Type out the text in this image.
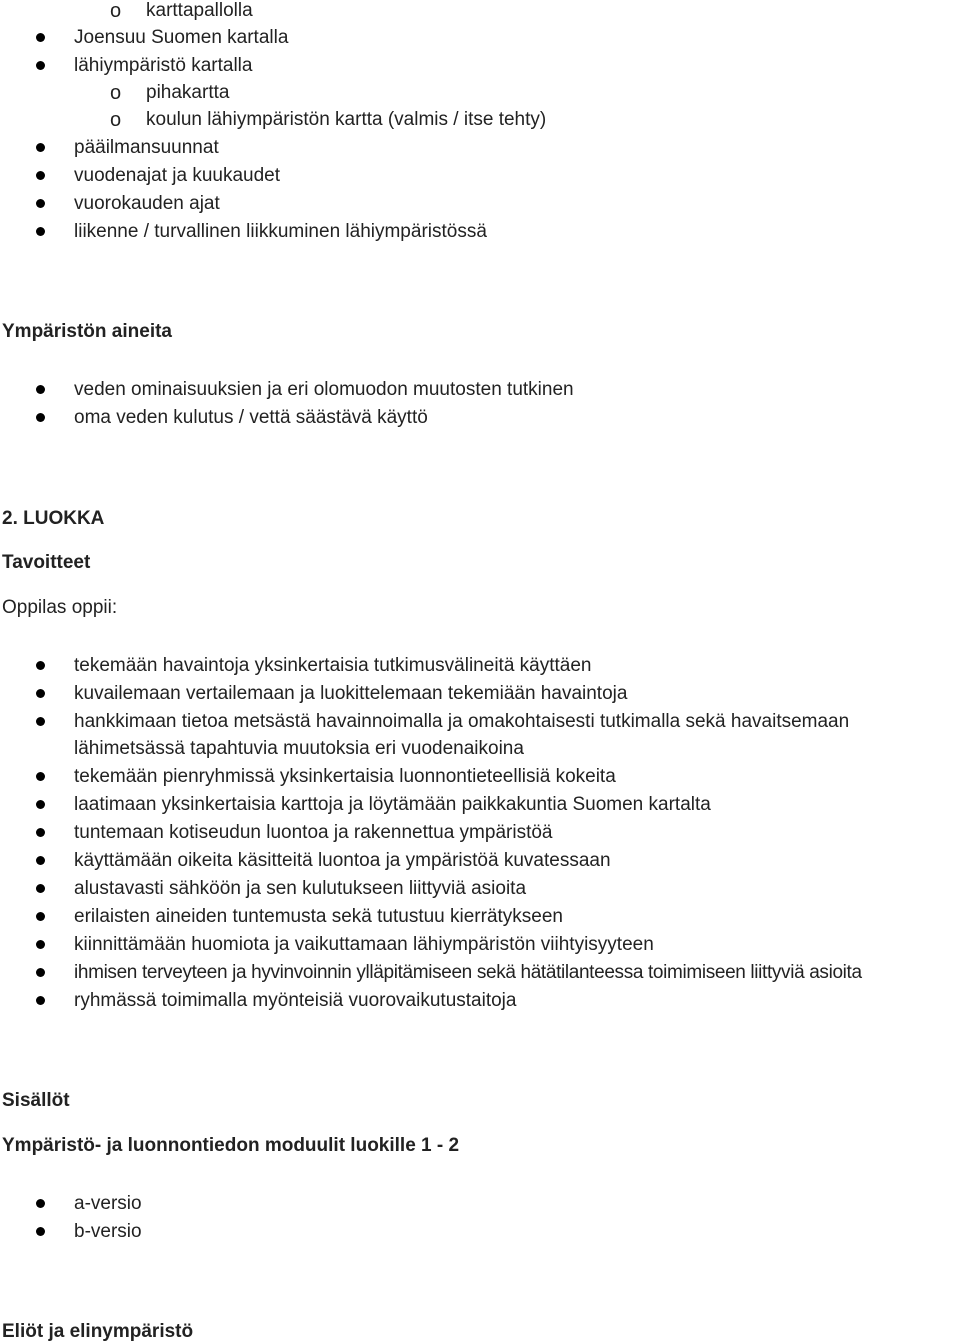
o karttapallolla
Joensuu Suomen kartalla
lähiympäristö kartalla
o pihakartta
o koulun lähiympäristön kartta (valmis / itse tehty)
pääilmansuunnat
vuodenajat ja kuukaudet
vuorokauden ajat
liikenne / turvallinen liikkuminen lähiympäristössä
Ympäristön aineita
veden ominaisuuksien ja eri olomuodon muutosten tutkinen
oma veden kulutus / vettä säästävä käyttö
2. LUOKKA
Tavoitteet
Oppilas oppii:
tekemään havaintoja yksinkertaisia tutkimusvälineitä käyttäen
kuvailemaan vertailemaan ja luokittelemaan tekemiään havaintoja
hankkimaan tietoa metsästä havainnoimalla ja omakohtaisesti tutkimalla sekä havaitsemaan
lähimetsässä tapahtuvia muutoksia eri vuodenaikoina
tekemään pienryhmissä yksinkertaisia luonnontieteellisiä kokeita
laatimaan yksinkertaisia karttoja ja löytämään paikkakuntia Suomen kartalta
tuntemaan kotiseudun luontoa ja rakennettua ympäristöä
käyttämään oikeita käsitteitä luontoa ja ympäristöä kuvatessaan
alustavasti sähköön ja sen kulutukseen liittyviä asioita
erilaisten aineiden tuntemusta sekä tutustuu kierrätykseen
kiinnittämään huomiota ja vaikuttamaan lähiympäristön viihtyisyyteen
ihmisen terveyteen ja hyvinvoinnin ylläpitämiseen sekä hätätilanteessa toimimiseen liittyviä asioita
ryhmässä toimimalla myönteisiä vuorovaikutustaitoja
Sisällöt
Ympäristö- ja luonnontiedon moduulit luokille 1 - 2
a-versio
b-versio
Eliöt ja elinympäristö
